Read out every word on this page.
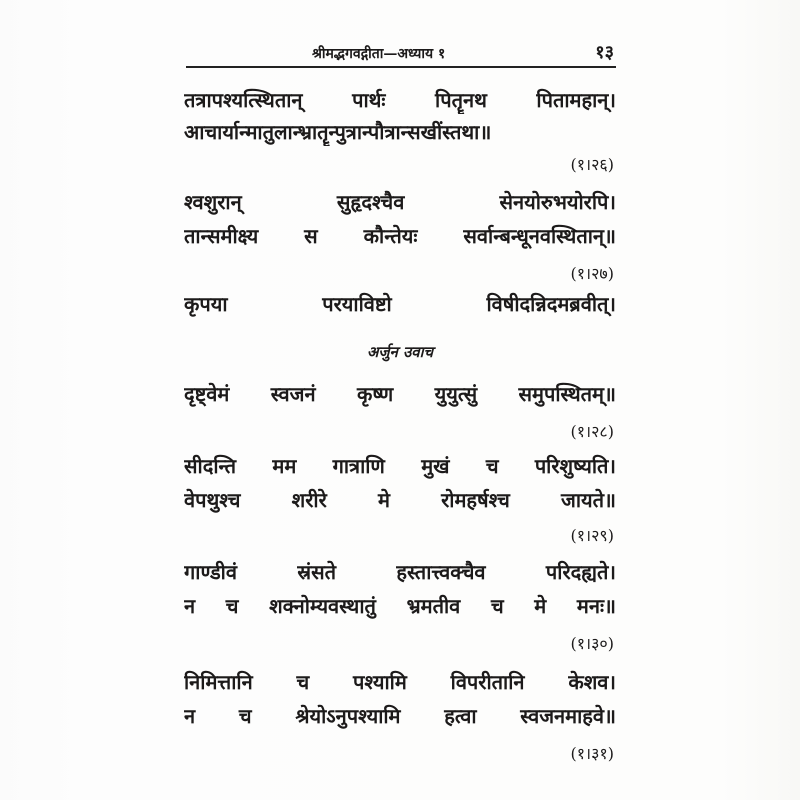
श्रीमद्भगवद्गीता—अध्याय १	१३
तत्रापश्यत्स्थितान् पार्थः पितॄनथ पितामहान्।
आचार्यान्मातुलान्भ्रातॄन्पुत्रान्पौत्रान्सखींस्तथा॥
(१।२६)
श्वशुरान् सुहृदश्चैव सेनयोरुभयोरपि।
तान्समीक्ष्य स कौन्तेयः सर्वान्बन्धूनवस्थितान्॥
(१।२७)
कृपया परयाविष्टो विषीदन्निदमब्रवीत्।
अर्जुन उवाच
दृष्ट्वेमं स्वजनं कृष्ण युयुत्सुं समुपस्थितम्॥
(१।२८)
सीदन्ति मम गात्राणि मुखं च परिशुष्यति।
वेपथुश्च शरीरे मे रोमहर्षश्च जायते॥
(१।२९)
गाण्डीवं स्रंसते हस्तात्त्वक्चैव परिदह्यते।
न च शक्नोम्यवस्थातुं भ्रमतीव च मे मनः॥
(१।३०)
निमित्तानि च पश्यामि विपरीतानि केशव।
न च श्रेयोऽनुपश्यामि हत्वा स्वजनमाहवे॥
(१।३१)
